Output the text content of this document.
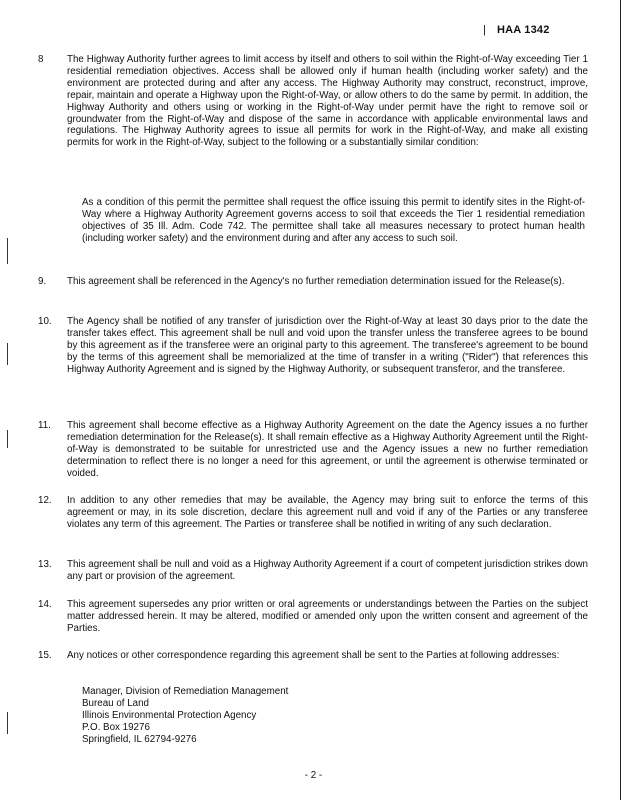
| HAA 1342
8	The Highway Authority further agrees to limit access by itself and others to soil within the Right-of-Way exceeding Tier 1 residential remediation objectives. Access shall be allowed only if human health (including worker safety) and the environment are protected during and after any access. The Highway Authority may construct, reconstruct, improve, repair, maintain and operate a Highway upon the Right-of-Way, or allow others to do the same by permit. In addition, the Highway Authority and others using or working in the Right-of-Way under permit have the right to remove soil or groundwater from the Right-of-Way and dispose of the same in accordance with applicable environmental laws and regulations. The Highway Authority agrees to issue all permits for work in the Right-of-Way, and make all existing permits for work in the Right-of-Way, subject to the following or a substantially similar condition:
As a condition of this permit the permittee shall request the office issuing this permit to identify sites in the Right-of-Way where a Highway Authority Agreement governs access to soil that exceeds the Tier 1 residential remediation objectives of 35 Ill. Adm. Code 742. The permittee shall take all measures necessary to protect human health (including worker safety) and the environment during and after any access to such soil.
9.	This agreement shall be referenced in the Agency's no further remediation determination issued for the Release(s).
10.	The Agency shall be notified of any transfer of jurisdiction over the Right-of-Way at least 30 days prior to the date the transfer takes effect. This agreement shall be null and void upon the transfer unless the transferee agrees to be bound by this agreement as if the transferee were an original party to this agreement. The transferee's agreement to be bound by the terms of this agreement shall be memorialized at the time of transfer in a writing ("Rider") that references this Highway Authority Agreement and is signed by the Highway Authority, or subsequent transferor, and the transferee.
11.	This agreement shall become effective as a Highway Authority Agreement on the date the Agency issues a no further remediation determination for the Release(s). It shall remain effective as a Highway Authority Agreement until the Right-of-Way is demonstrated to be suitable for unrestricted use and the Agency issues a new no further remediation determination to reflect there is no longer a need for this agreement, or until the agreement is otherwise terminated or voided.
12.	In addition to any other remedies that may be available, the Agency may bring suit to enforce the terms of this agreement or may, in its sole discretion, declare this agreement null and void if any of the Parties or any transferee violates any term of this agreement. The Parties or transferee shall be notified in writing of any such declaration.
13.	This agreement shall be null and void as a Highway Authority Agreement if a court of competent jurisdiction strikes down any part or provision of the agreement.
14.	This agreement supersedes any prior written or oral agreements or understandings between the Parties on the subject matter addressed herein. It may be altered, modified or amended only upon the written consent and agreement of the Parties.
15.	Any notices or other correspondence regarding this agreement shall be sent to the Parties at following addresses:
Manager, Division of Remediation Management
Bureau of Land
Illinois Environmental Protection Agency
P.O. Box 19276
Springfield, IL 62794-9276
- 2 -
